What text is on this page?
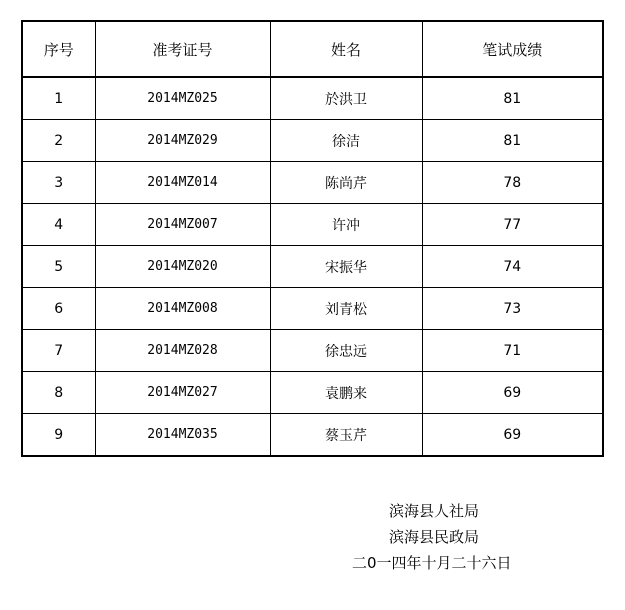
序号	准考证号	姓名	笔试成绩
1	2014MZ025	於洪卫	81
2	2014MZ029	徐洁	81
3	2014MZ014	陈尚芹	78
4	2014MZ007	许冲	77
5	2014MZ020	宋振华	74
6	2014MZ008	刘青松	73
7	2014MZ028	徐忠远	71
8	2014MZ027	袁鹏来	69
9	2014MZ035	蔡玉芹	69
滨海县人社局
滨海县民政局
二0一四年十月二十六日
